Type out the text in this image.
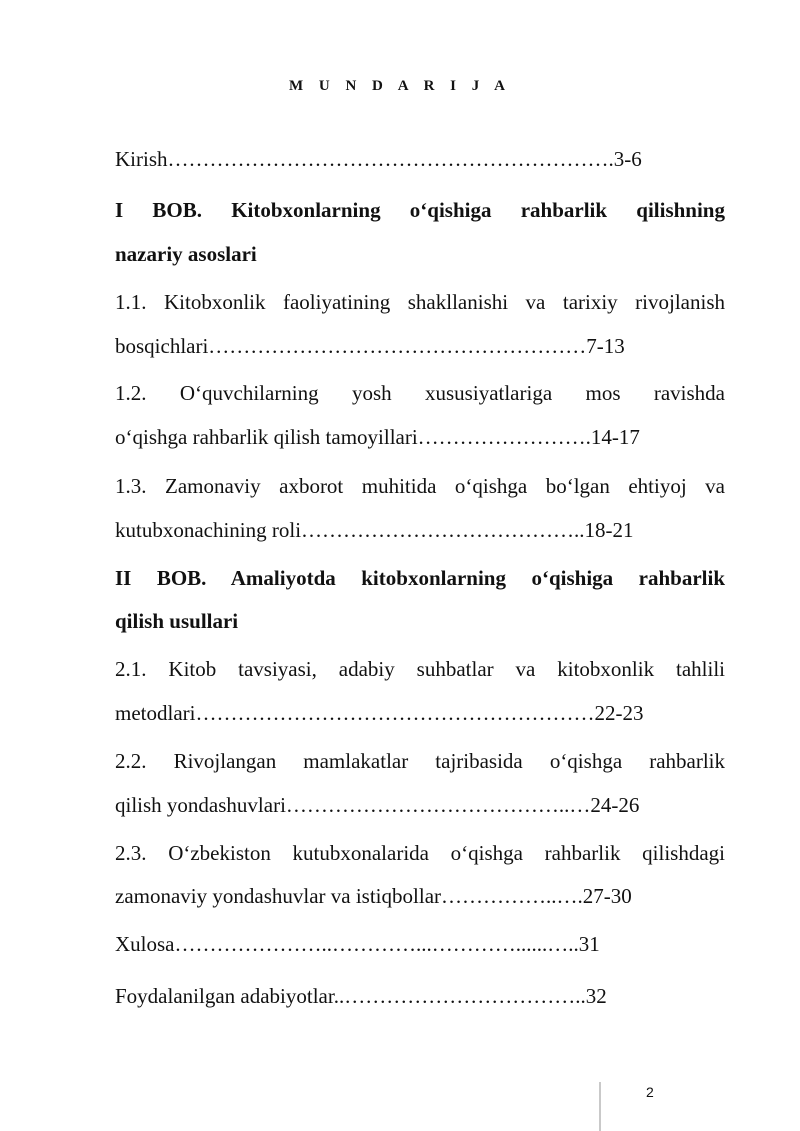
M U N D A R I J A
Kirish……………………………………………………….3-6
I BOB. Kitobxonlarning o‘qishiga rahbarlik qilishning
nazariy asoslari
1.1. Kitobxonlik faoliyatining shakllanishi va tarixiy rivojlanish
bosqichlari………………………………………………7-13
1.2. O‘quvchilarning yosh xususiyatlariga mos ravishda
o‘qishga rahbarlik qilish tamoyillari…………………….14-17
1.3. Zamonaviy axborot muhitida o‘qishga bo‘lgan ehtiyoj va
kutubxonachining roli…………………………………..18-21
II BOB. Amaliyotda kitobxonlarning o‘qishiga rahbarlik
qilish usullari
2.1. Kitob tavsiyasi, adabiy suhbatlar va kitobxonlik tahlili
metodlari…………………………………………………22-23
2.2. Rivojlangan mamlakatlar tajribasida o‘qishga rahbarlik
qilish yondashuvlari…………………………………..…24-26
2.3. O‘zbekiston kutubxonalarida o‘qishga rahbarlik qilishdagi
zamonaviy yondashuvlar va istiqbollar……………..….27-30
Xulosa…………………..…………...…………......…..31
Foydalanilgan adabiyotlar..……………………………..32
2
